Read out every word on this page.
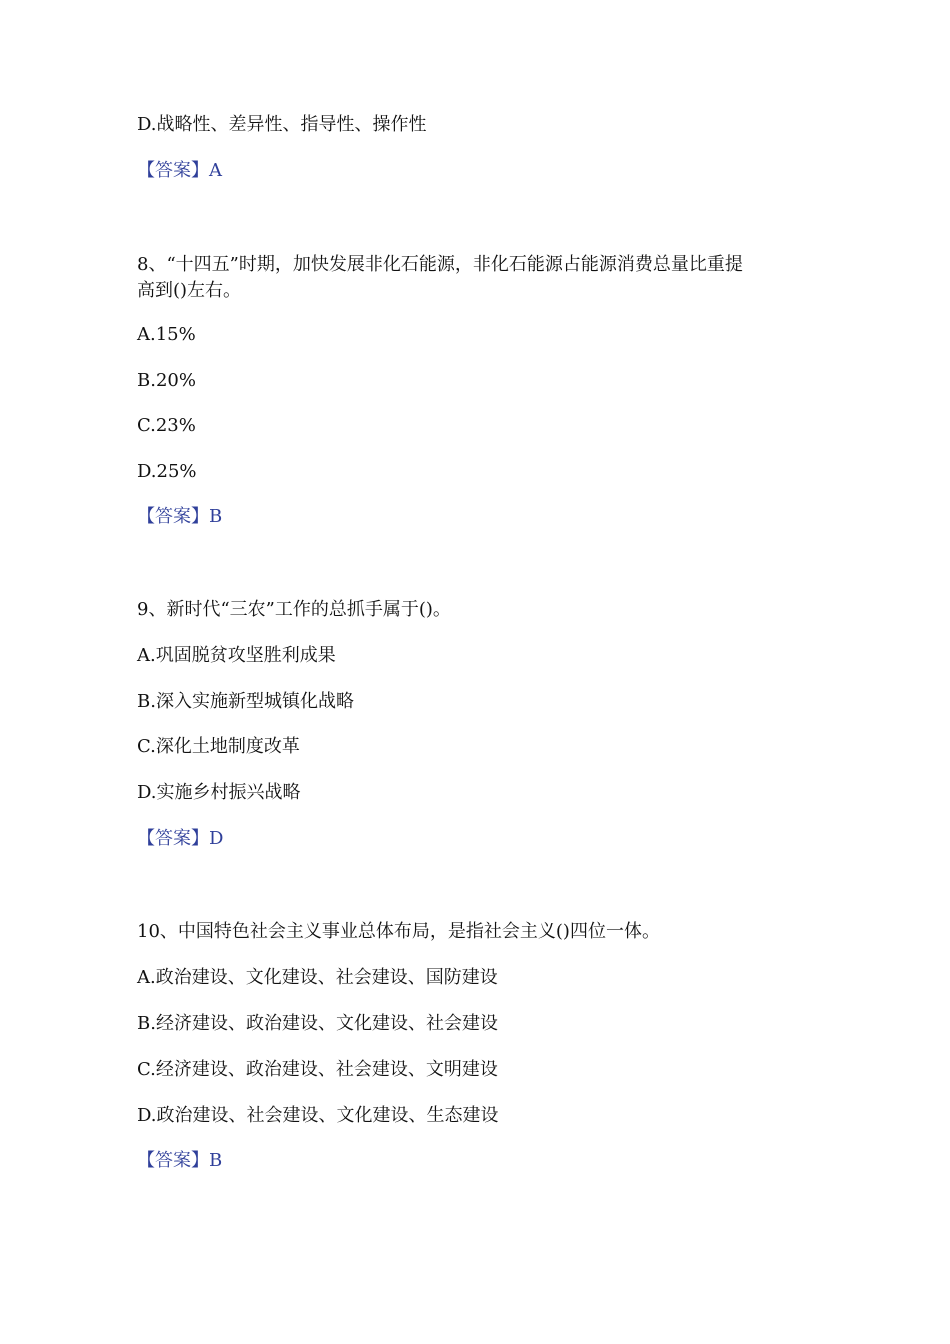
D.战略性、差异性、指导性、操作性

【答案】A

8、“十四五”时期，加快发展非化石能源，非化石能源占能源消费总量比重提

高到()左右。

A.15%

B.20%

C.23%

D.25%

【答案】B

9、新时代“三农”工作的总抓手属于()。

A.巩固脱贫攻坚胜利成果

B.深入实施新型城镇化战略

C.深化土地制度改革

D.实施乡村振兴战略

【答案】D

10、中国特色社会主义事业总体布局，是指社会主义()四位一体。

A.政治建设、文化建设、社会建设、国防建设

B.经济建设、政治建设、文化建设、社会建设

C.经济建设、政治建设、社会建设、文明建设

D.政治建设、社会建设、文化建设、生态建设

【答案】B
